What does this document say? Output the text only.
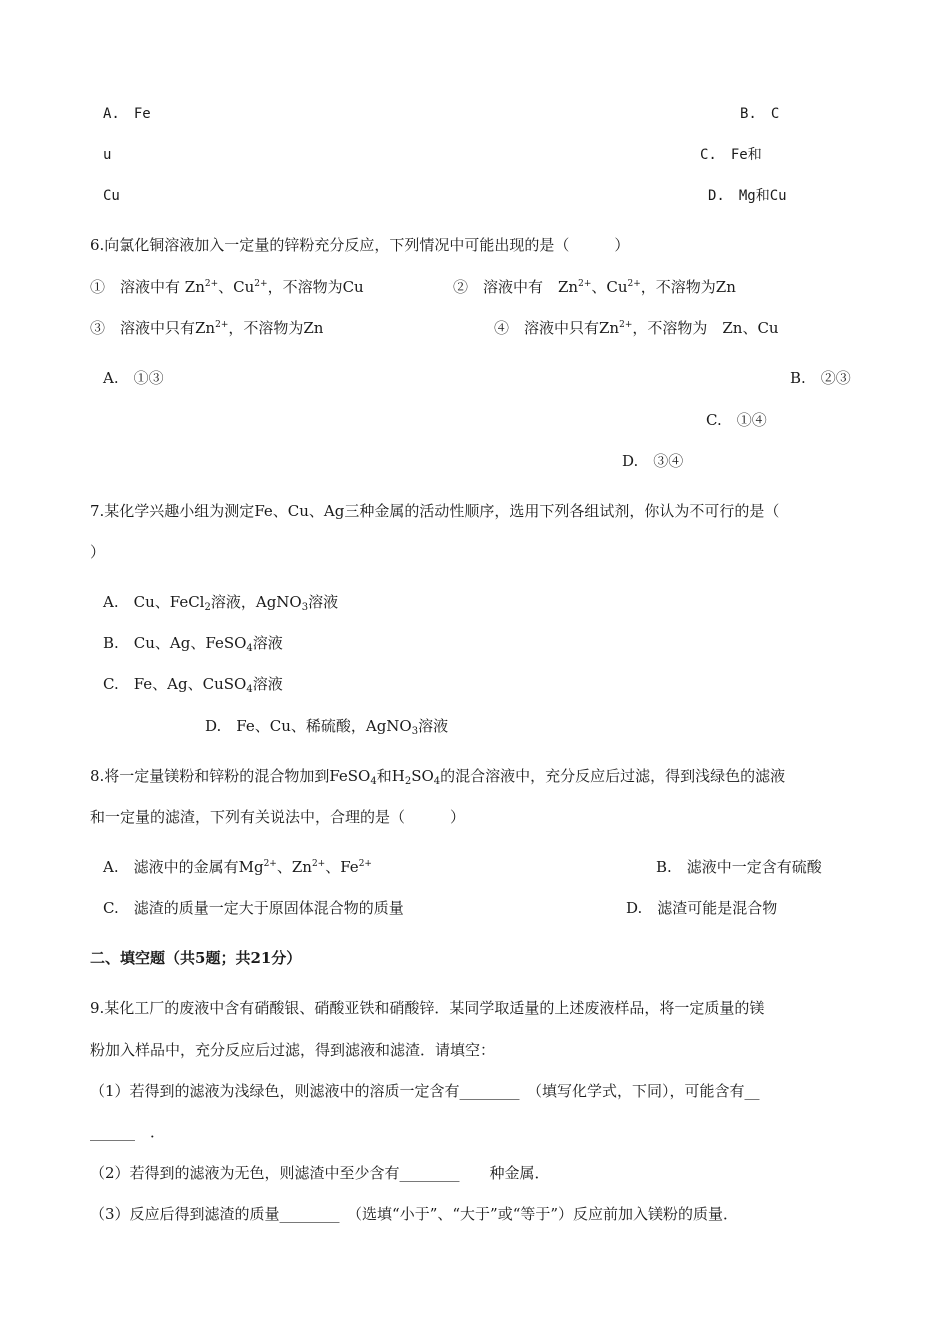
A.　Fe	B.　C
u	C.　Fe和
Cu	D.　Mg和Cu
6.向氯化铜溶液加入一定量的锌粉充分反应，下列情况中可能出现的是（　　　）
①　溶液中有 $Zn^{2+}$、$Cu^{2+}$，不溶物为Cu	②　溶液中有　$Zn^{2+}$、$Cu^{2+}$，不溶物为Zn
③　溶液中只有$Zn^{2+}$，不溶物为Zn	④　溶液中只有$Zn^{2+}$，不溶物为　Zn、Cu
A.　①③	B.　②③
C.　①④
D.　③④
7.某化学兴趣小组为测定Fe、Cu、Ag三种金属的活动性顺序，选用下列各组试剂，你认为不可行的是（
）
A.　Cu、FeCl$_2$溶液，AgNO$_3$溶液
B.　Cu、Ag、FeSO$_4$溶液
C.　Fe、Ag、CuSO$_4$溶液
D.　Fe、Cu、稀硫酸，AgNO$_3$溶液
8.将一定量镁粉和锌粉的混合物加到FeSO$_4$和$H_2SO_4$的混合溶液中，充分反应后过滤，得到浅绿色的滤液
和一定量的滤渣，下列有关说法中，合理的是（　　　）
A.　滤液中的金属有$Mg^{2+}$、$Zn^{2+}$、$Fe^{2+}$	B.　滤液中一定含有硫酸
C.　滤渣的质量一定大于原固体混合物的质量	D.　滤渣可能是混合物
二、填空题（共5题；共21分）
9.某化工厂的废液中含有硝酸银、硝酸亚铁和硝酸锌．某同学取适量的上述废液样品，将一定质量的镁
粉加入样品中，充分反应后过滤，得到滤液和滤渣．请填空：
（1）若得到的滤液为浅绿色，则滤液中的溶质一定含有________　（填写化学式，下同），可能含有__
______　．
（2）若得到的滤液为无色，则滤渣中至少含有________　　种金属．
（3）反应后得到滤渣的质量________　（选填“小于”、“大于”或“等于”）反应前加入镁粉的质量．
